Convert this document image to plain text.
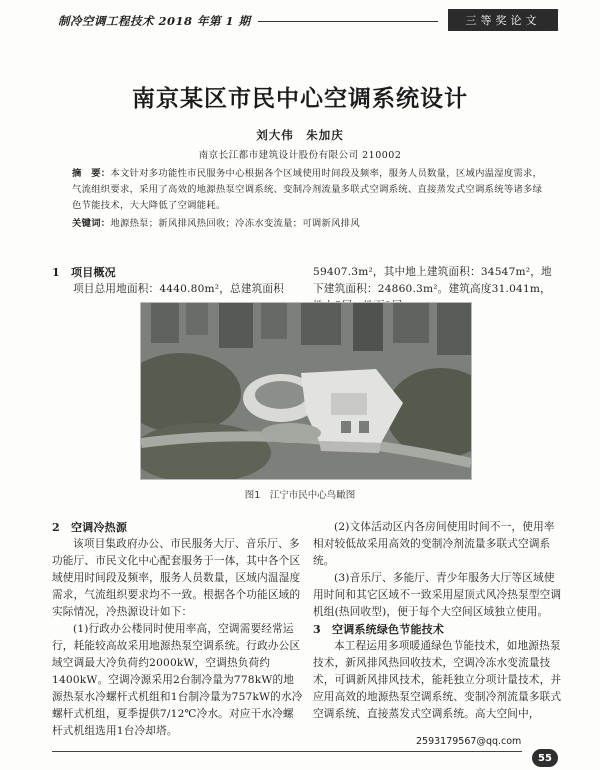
制冷空调工程技术 2018 年第 1 期	三等奖论文
南京某区市民中心空调系统设计
刘大伟　朱加庆
南京长江都市建筑设计股份有限公司 210002
摘　要：本文针对多功能性市民服务中心根据各个区域使用时间段及频率，服务人员数量，区域内温湿度需求，气流组织要求，采用了高效的地源热泵空调系统、变制冷剂流量多联式空调系统、直接蒸发式空调系统等诸多绿色节能技术，大大降低了空调能耗。
关键词：地源热泵；新风排风热回收；冷冻水变流量；可调新风排风
1　项目概况
项目总用地面积：4440.80m²，总建筑面积
59407.3m²，其中地上建筑面积：34547m²，地下建筑面积：24860.3m²。建筑高度31.041m，
图1　江宁市民中心鸟瞰图

2　空调冷热源

该项目集政府办公、市民服务大厅、音乐厅、多功能厅、市民文化中心配套服务于一体，其中各个区域使用时间段及频率，服务人员数量，区域内温湿度需求，气流组织要求均不一致。根据各个功能区域的实际情况，冷热源设计如下：

(1)行政办公楼同时使用率高，空调需要经常运行，耗能较高故采用地源热泵空调系统。行政办公区域空调最大冷负荷约2000kW，空调热负荷约1400kW。空调冷源采用2台制冷量为778kW的地源热泵水冷螺杆式机组和1台制冷量为757kW的水冷螺杆式机组，夏季提供7/12℃冷水。对应干水冷螺杆式机组选用1台冷却塔。

(2)文体活动区内各房间使用时间不一，使用率相对较低故采用高效的变制冷剂流量多联式空调系统。

(3)音乐厅、多能厅、青少年服务大厅等区域使用时间和其它区域不一致采用屋顶式风冷热泵型空调机组(热回收型)，便于每个大空间区域独立使用。

3　空调系统绿色节能技术

本工程运用多项暖通绿色节能技术，如地源热泵技术，新风排风热回收技术，空调冷冻水变流量技术，可调新风排风技术，能耗独立分项计量技术，并应用高效的地源热泵空调系统、变制冷剂流量多联式空调系统、直接蒸发式空调系统。高大空间中，

2593179567@qq.com
55
